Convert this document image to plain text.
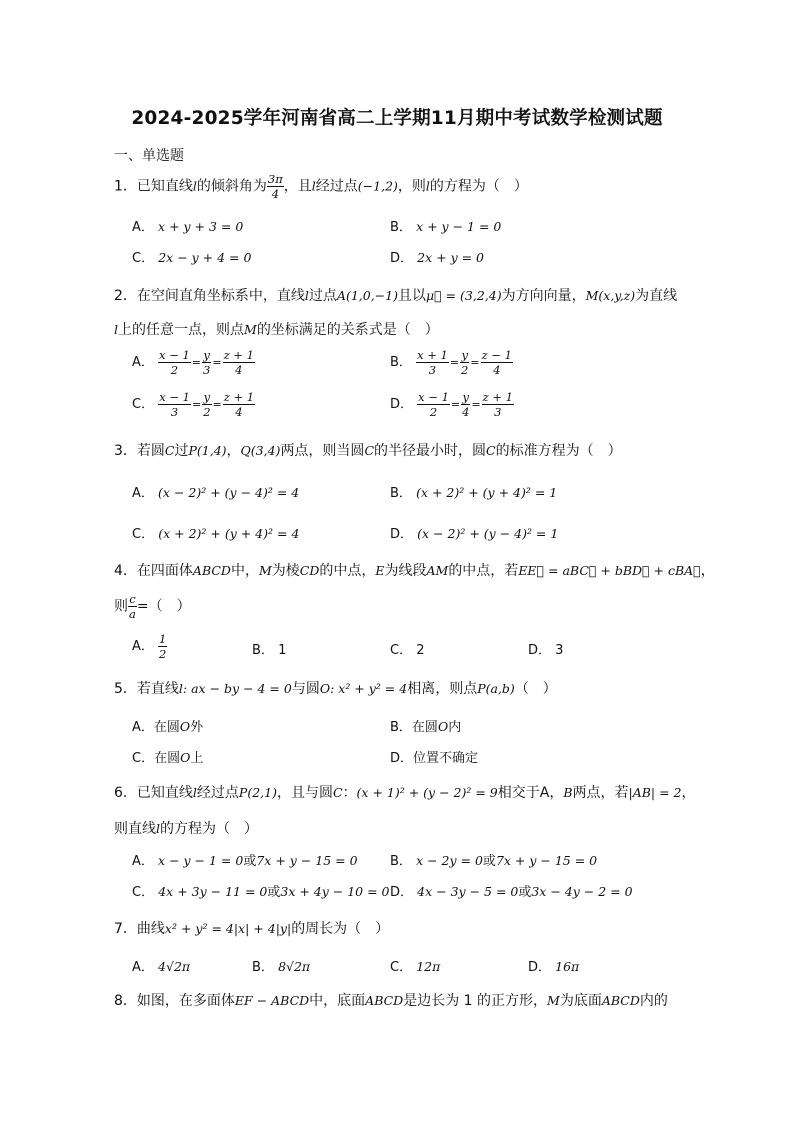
2024-2025学年河南省高二上学期11月期中考试数学检测试题
一、单选题
1．已知直线l的倾斜角为 $\frac{3\pi}{4}$ ，且l经过点(−1,2)，则l的方程为（　）
A． x + y + 3 = 0	B． x + y − 1 = 0
C． 2x − y + 4 = 0	D． 2x + y = 0
2．在空间直角坐标系中，直线l过点A(1,0,−1)且以μ⃗ = (3,2,4)为方向向量，M(x,y,z)为直线
l上的任意一点，则点M的坐标满足的关系式是（　）
A． $\frac{x - 1}{2} = \frac{y}{3} = \frac{z + 1}{4}$	B． $\frac{x + 1}{3} = \frac{y}{2} = \frac{z - 1}{4}$
C． $\frac{x - 1}{3} = \frac{y}{2} = \frac{z + 1}{4}$	D． $\frac{x - 1}{2} = \frac{y}{4} = \frac{z + 1}{3}$
3．若圆C过P(1,4)，Q(3,4)两点，则当圆C的半径最小时，圆C的标准方程为（　）
A． (x − 2)² + (y − 4)² = 4	B． (x + 2)² + (y + 4)² = 1
C． (x + 2)² + (y + 4)² = 4	D． (x − 2)² + (y − 4)² = 1
4．在四面体ABCD中，M为棱CD的中点，E为线段AM的中点，若EE⃗ = aBC⃗ + bBD⃗ + cBA⃗，
则 $\frac{c}{a}$ =（　）
A． $\frac{1}{2}$	B． 1	C． 2	D． 3
5．若直线l: ax − by − 4 = 0与圆O: x² + y² = 4相离，则点P(a,b)（　）
A．在圆O外	B．在圆O内
C．在圆O上	D．位置不确定
6．已知直线l经过点P(2,1)，且与圆C：(x + 1)² + (y − 2)² = 9相交于A，B两点，若|AB| = 2，
则直线l的方程为（　）
A． x − y − 1 = 0或7x + y − 15 = 0 B． x − 2y = 0或7x + y − 15 = 0
C． 4x + 3y − 11 = 0或3x + 4y − 10 = 0 D． 4x − 3y − 5 = 0或3x − 4y − 2 = 0
7．曲线x² + y² = 4|x| + 4|y|的周长为（　）
A． 4√2π	B． 8√2π	C． 12π	D． 16π
8．如图，在多面体EF − ABCD中，底面ABCD是边长为 1 的正方形，M为底面ABCD内的
